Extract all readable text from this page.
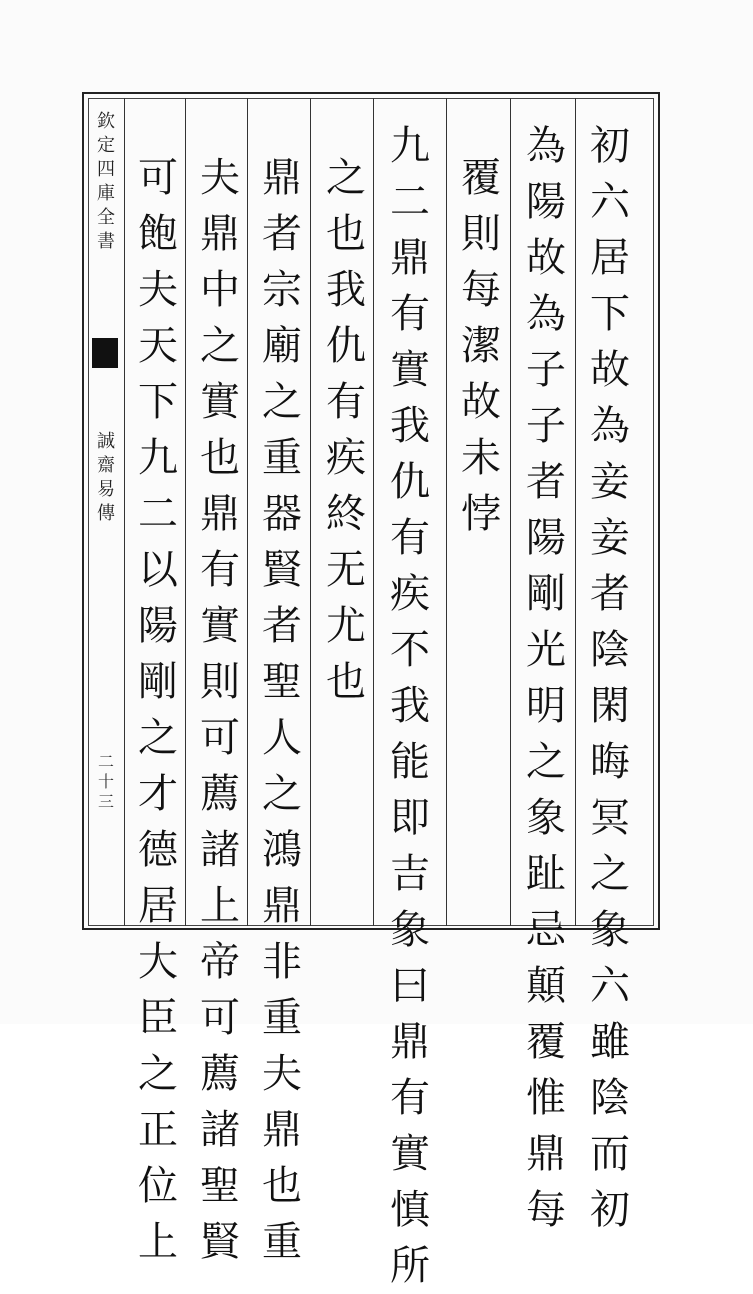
欽
定
四
庫
全
書
誠
齋
易
傳
二
十
三
初
六
居
下
故
為
妾
妾
者
陰
閑
晦
冥
之
象
六
雖
陰
而
初
為
陽
故
為
子
子
者
陽
剛
光
明
之
象
趾
忌
顛
覆
惟
鼎
每
覆
則
每
潔
故
未
悖
九
二
鼎
有
實
我
仇
有
疾
不
我
能
即
吉
象
曰
鼎
有
實
慎
所
之
也
我
仇
有
疾
終
无
尤
也
鼎
者
宗
廟
之
重
器
賢
者
聖
人
之
鴻
鼎
非
重
夫
鼎
也
重
夫
鼎
中
之
實
也
鼎
有
實
則
可
薦
諸
上
帝
可
薦
諸
聖
賢
可
飽
夫
天
下
九
二
以
陽
剛
之
才
德
居
大
臣
之
正
位
上
